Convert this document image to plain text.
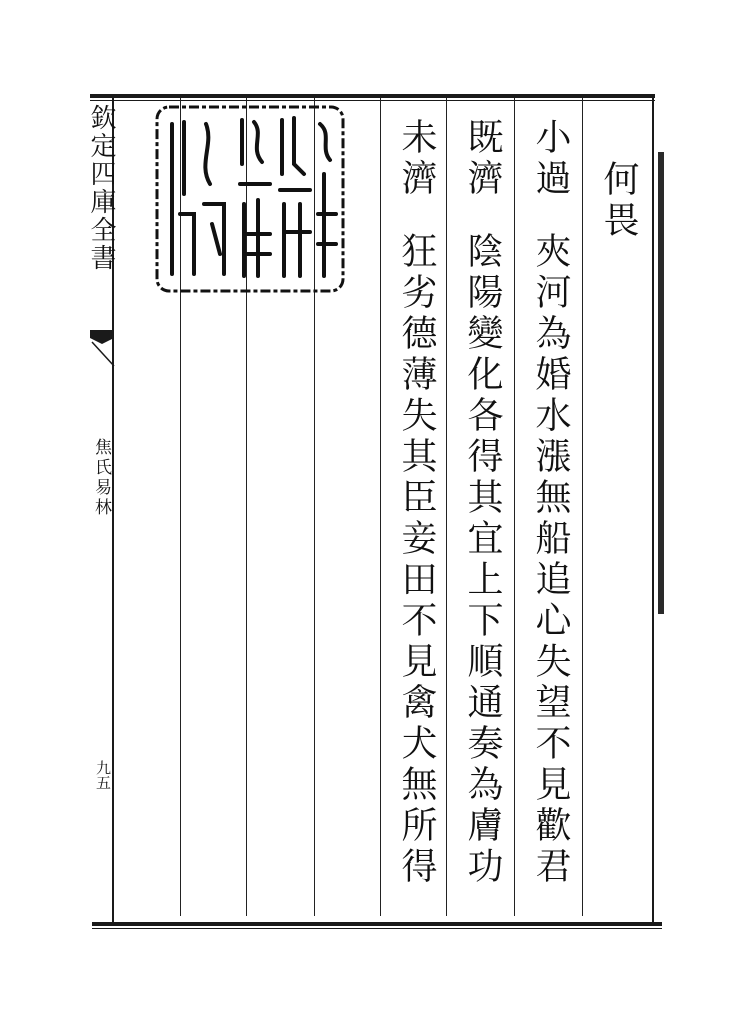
欽定四庫全書
焦氏易林
九五
何畏
小過
夾河為婚水漲無船追心失望不見歡君
既濟
陰陽變化各得其宜上下順通奏為膚功
未濟
狂劣德薄失其臣妾田不見禽犬無所得
